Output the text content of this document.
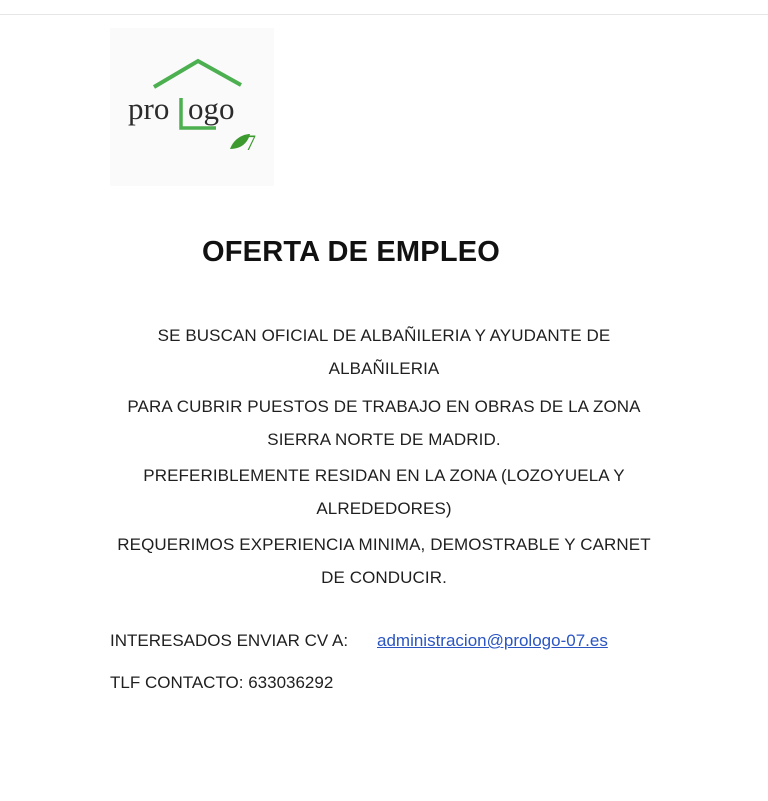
pro ogo
7
OFERTA DE EMPLEO
SE BUSCAN OFICIAL DE ALBAÑILERIA Y AYUDANTE DE
ALBAÑILERIA
PARA CUBRIR PUESTOS DE TRABAJO EN OBRAS DE LA ZONA
SIERRA NORTE DE MADRID.
PREFERIBLEMENTE RESIDAN EN LA ZONA (LOZOYUELA Y
ALREDEDORES)
REQUERIMOS EXPERIENCIA MINIMA, DEMOSTRABLE Y CARNET
DE CONDUCIR.
INTERESADOS ENVIAR CV A: administracion@prologo-07.es
TLF CONTACTO: 633036292
